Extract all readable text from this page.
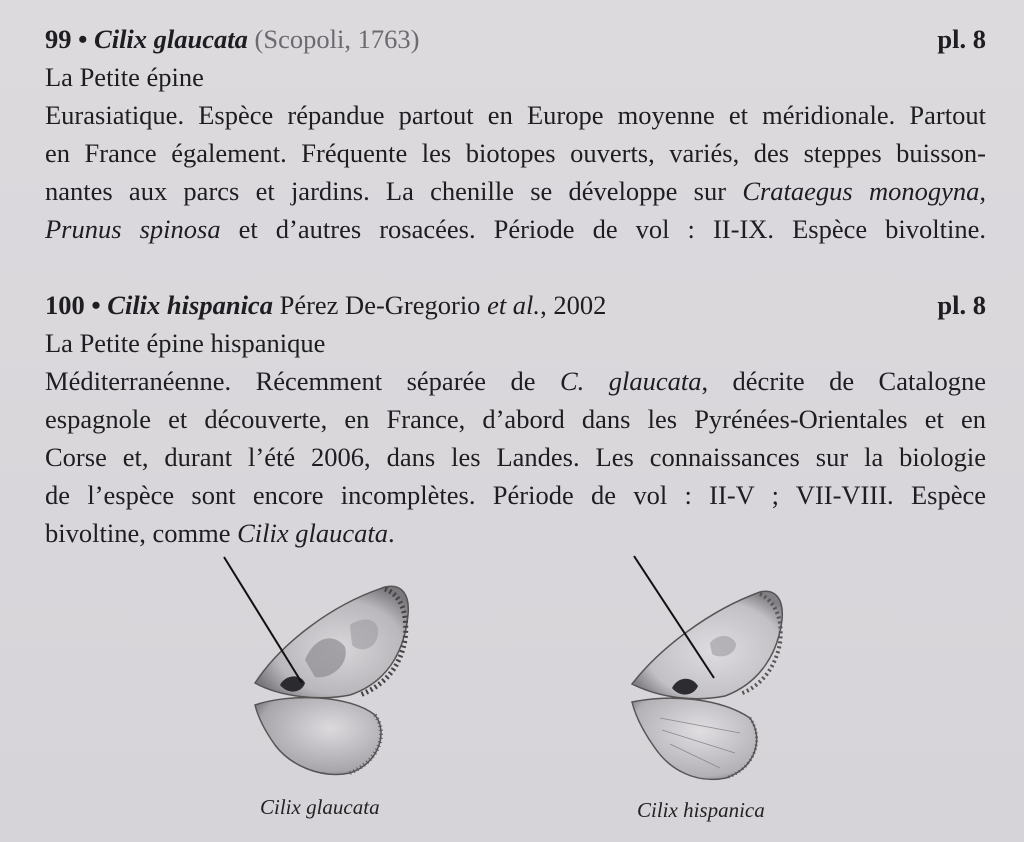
99 • Cilix glaucata (Scopoli, 1763)	pl. 8
La Petite épine
Eurasiatique. Espèce répandue partout en Europe moyenne et méridionale. Partout
en France également. Fréquente les biotopes ouverts, variés, des steppes buisson-
nantes aux parcs et jardins. La chenille se développe sur Crataegus monogyna,
Prunus spinosa et d’autres rosacées. Période de vol : II-IX. Espèce bivoltine.
100 • Cilix hispanica Pérez De-Gregorio et al., 2002	pl. 8
La Petite épine hispanique
Méditerranéenne. Récemment séparée de C. glaucata, décrite de Catalogne
espagnole et découverte, en France, d’abord dans les Pyrénées-Orientales et en
Corse et, durant l’été 2006, dans les Landes. Les connaissances sur la biologie
de l’espèce sont encore incomplètes. Période de vol : II-V ; VII-VIII. Espèce
bivoltine, comme Cilix glaucata.
Cilix glaucata	Cilix hispanica
